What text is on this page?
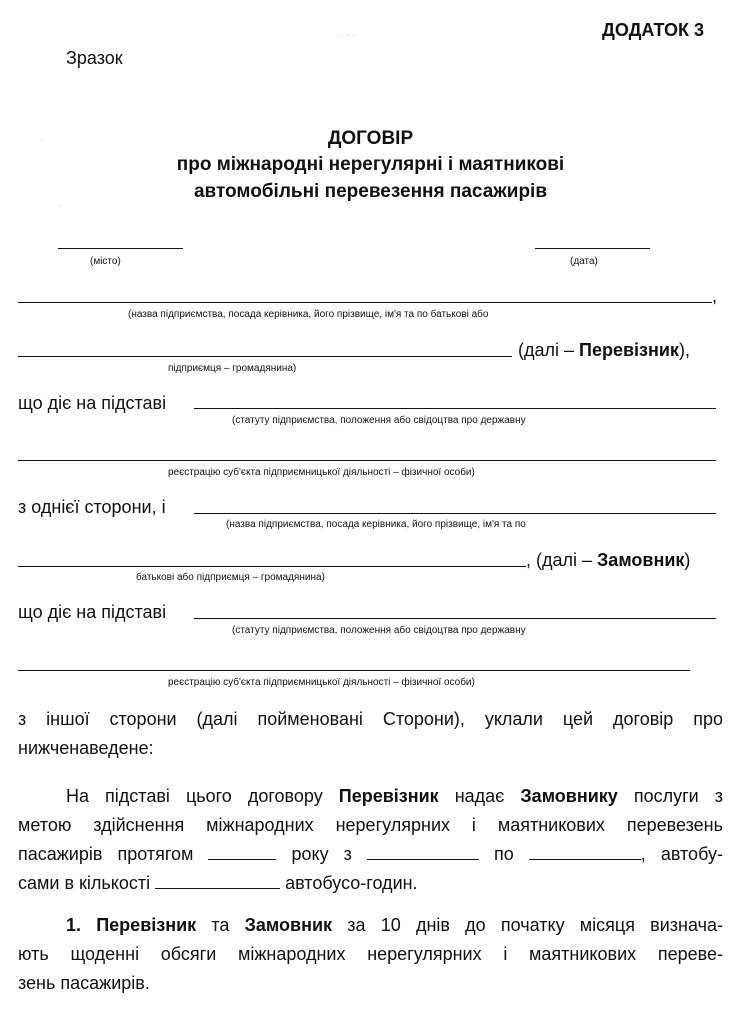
· · ·
·
·
ДОДАТОК 3
Зразок
ДОГОВІР
про міжнародні нерегулярні і маятникові
автомобільні перевезення пасажирів
(місто)	(дата)
,
(назва підприємства, посада керівника, його прізвище, ім'я та по батькові або
(далі – Перевізник),
підприємця – громадянина)
що діє на підставі
(статуту підприємства, положення або свідоцтва про державну
реєстрацію суб'єкта підприємницької діяльності – фізичної особи)
з однієї сторони, і
(назва підприємства, посада керівника, його прізвище, ім'я та по
, (далі – Замовник)
батькові або підприємця – громадянина)
що діє на підставі
(статуту підприємства, положення або свідоцтва про державну
реєстрацію суб'єкта підприємницької діяльності – фізичної особи)
з іншої сторони (далі пойменовані Сторони), уклали цей договір про
нижченаведене:
На підставі цього договору Перевізник надає Замовнику послуги з
метою здійснення міжнародних нерегулярних і маятникових перевезень
пасажирів протягом	року з	по	, автобу-
сами в кількості	автобусо-годин.
1. Перевізник та Замовник за 10 днів до початку місяця визнача-
ють щоденні обсяги міжнародних нерегулярних і маятникових переве-
зень пасажирів.
